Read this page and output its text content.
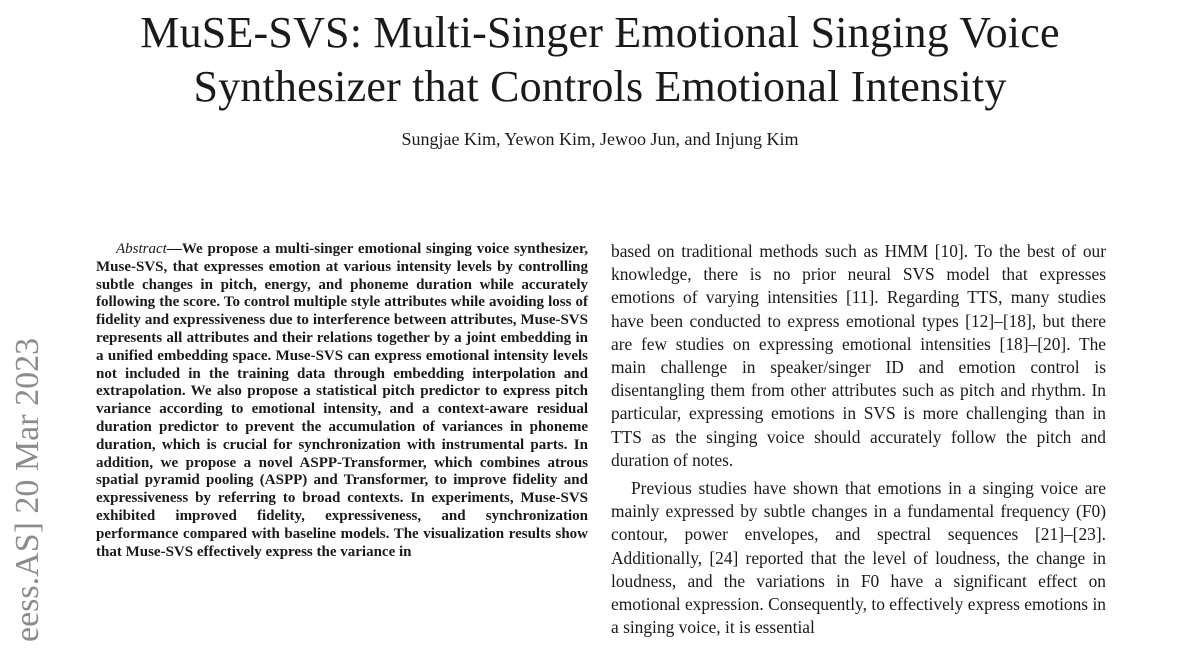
MuSE-SVS: Multi-Singer Emotional Singing Voice
Synthesizer that Controls Emotional Intensity
Sungjae Kim, Yewon Kim, Jewoo Jun, and Injung Kim
eess.AS] 20 Mar 2023

Abstract—We propose a multi-singer emotional singing voice synthesizer, Muse-SVS, that expresses emotion at various intensity levels by controlling subtle changes in pitch, energy, and phoneme duration while accurately following the score. To control multiple style attributes while avoiding loss of fidelity and expressiveness due to interference between attributes, Muse-SVS represents all attributes and their relations together by a joint embedding in a unified embedding space. Muse-SVS can express emotional intensity levels not included in the training data through embedding interpolation and extrapolation. We also propose a statistical pitch predictor to express pitch variance according to emotional intensity, and a context-aware residual duration predictor to prevent the accumulation of variances in phoneme duration, which is crucial for synchronization with instrumental parts. In addition, we propose a novel ASPP-Transformer, which combines atrous spatial pyramid pooling (ASPP) and Transformer, to improve fidelity and expressiveness by referring to broad contexts. In experiments, Muse-SVS exhibited improved fidelity, expressiveness, and synchronization performance compared with baseline models. The visualization results show that Muse-SVS effectively express the variance in

based on traditional methods such as HMM [10]. To the best of our knowledge, there is no prior neural SVS model that expresses emotions of varying intensities [11]. Regarding TTS, many studies have been conducted to express emotional types [12]–[18], but there are few studies on expressing emotional intensities [18]–[20]. The main challenge in speaker/singer ID and emotion control is disentangling them from other attributes such as pitch and rhythm. In particular, expressing emotions in SVS is more challenging than in TTS as the singing voice should accurately follow the pitch and duration of notes.

Previous studies have shown that emotions in a singing voice are mainly expressed by subtle changes in a fundamental frequency (F0) contour, power envelopes, and spectral sequences [21]–[23]. Additionally, [24] reported that the level of loudness, the change in loudness, and the variations in F0 have a significant effect on emotional expression. Consequently, to effectively express emotions in a singing voice, it is essential
